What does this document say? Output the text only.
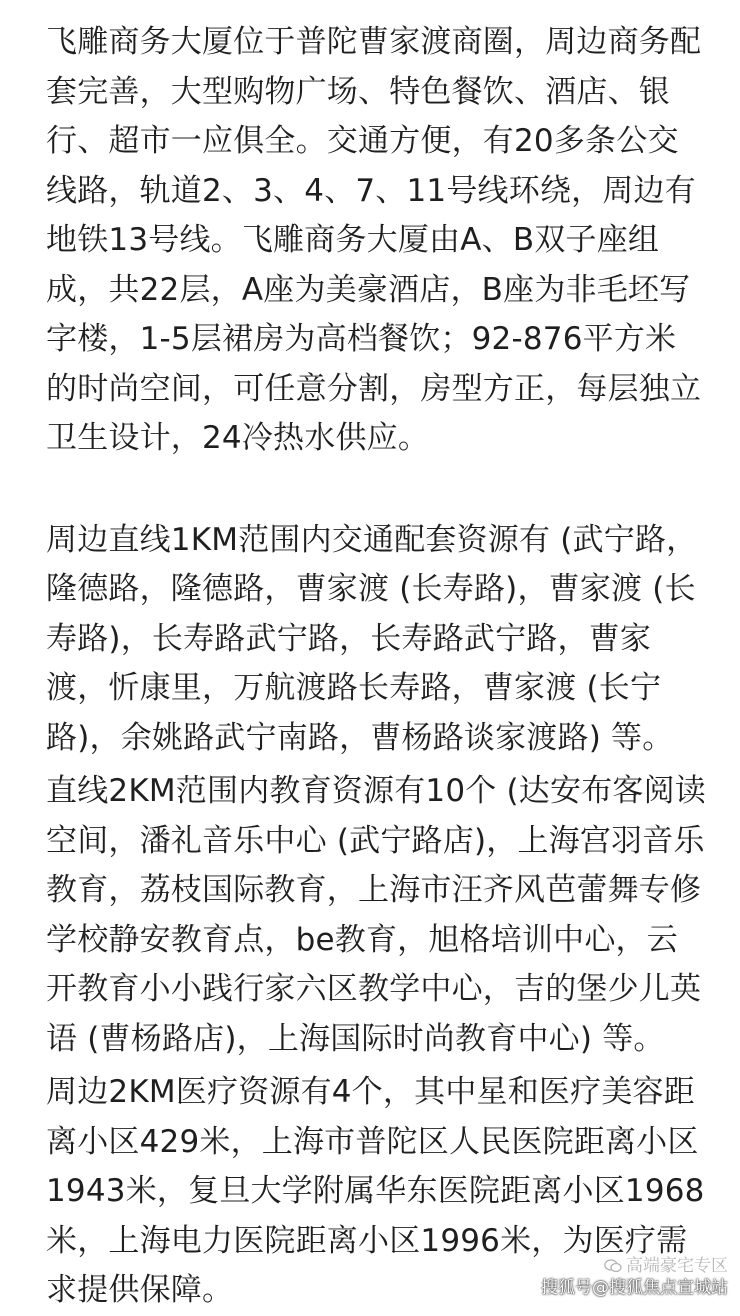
飞雕商务大厦位于普陀曹家渡商圈，周边商务配套完善，大型购物广场、特色餐饮、酒店、银行、超市一应俱全。交通方便，有20多条公交线路，轨道2、3、4、7、11号线环绕，周边有地铁13号线。飞雕商务大厦由A、B双子座组成，共22层，A座为美豪酒店，B座为非毛坯写字楼，1-5层裙房为高档餐饮；92-876平方米的时尚空间，可任意分割，房型方正，每层独立卫生设计，24冷热水供应。

周边直线1KM范围内交通配套资源有 (武宁路，隆德路，隆德路，曹家渡 (长寿路)，曹家渡 (长寿路)，长寿路武宁路，长寿路武宁路，曹家渡，忻康里，万航渡路长寿路，曹家渡 (长宁路)，余姚路武宁南路，曹杨路谈家渡路) 等。

直线2KM范围内教育资源有10个 (达安布客阅读空间，潘礼音乐中心 (武宁路店)，上海宫羽音乐教育，荔枝国际教育，上海市汪齐风芭蕾舞专修学校静安教育点，be教育，旭格培训中心，云开教育小小践行家六区教学中心，吉的堡少儿英语 (曹杨路店)，上海国际时尚教育中心) 等。

周边2KM医疗资源有4个，其中星和医疗美容距离小区429米，上海市普陀区人民医院距离小区1943米，复旦大学附属华东医院距离小区1968米，上海电力医院距离小区1996米，为医疗需求提供保障。

高端豪宅专区
搜狐号@搜狐焦点宣城站
